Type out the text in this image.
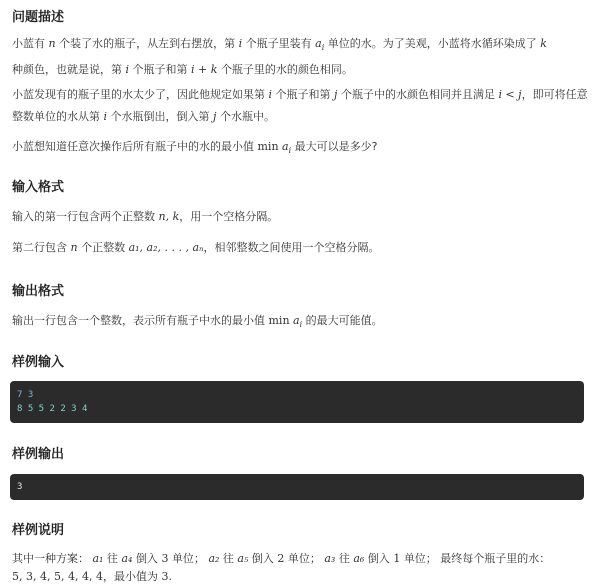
问题描述

小蓝有 n 个装了水的瓶子，从左到右摆放，第 i 个瓶子里装有 $a_i$ 单位的水。为了美观，小蓝将水循环染成了 k
种颜色，也就是说，第 i 个瓶子和第 i + k 个瓶子里的水的颜色相同。

小蓝发现有的瓶子里的水太少了，因此他规定如果第 i 个瓶子和第 j 个瓶子中的水颜色相同并且满足 i < j，即可将任意整数单位的水从第 i 个水瓶倒出，倒入第 j 个水瓶中。

小蓝想知道任意次操作后所有瓶子中的水的最小值 $\min a_i$ 最大可以是多少?

输入格式

输入的第一行包含两个正整数 n, k，用一个空格分隔。

第二行包含 n 个正整数 a₁, a₂, . . . , aₙ，相邻整数之间使用一个空格分隔。

输出格式

输出一行包含一个整数，表示所有瓶子中水的最小值 $\min a_i$ 的最大可能值。

样例输入
7 3
8 5 5 2 2 3 4
样例输出
3
样例说明

其中一种方案： a₁ 往 a₄ 倒入 3 单位； a₂ 往 a₅ 倒入 2 单位； a₃ 往 a₆ 倒入 1 单位； 最终每个瓶子里的水：
5, 3, 4, 5, 4, 4, 4，最小值为 3.
